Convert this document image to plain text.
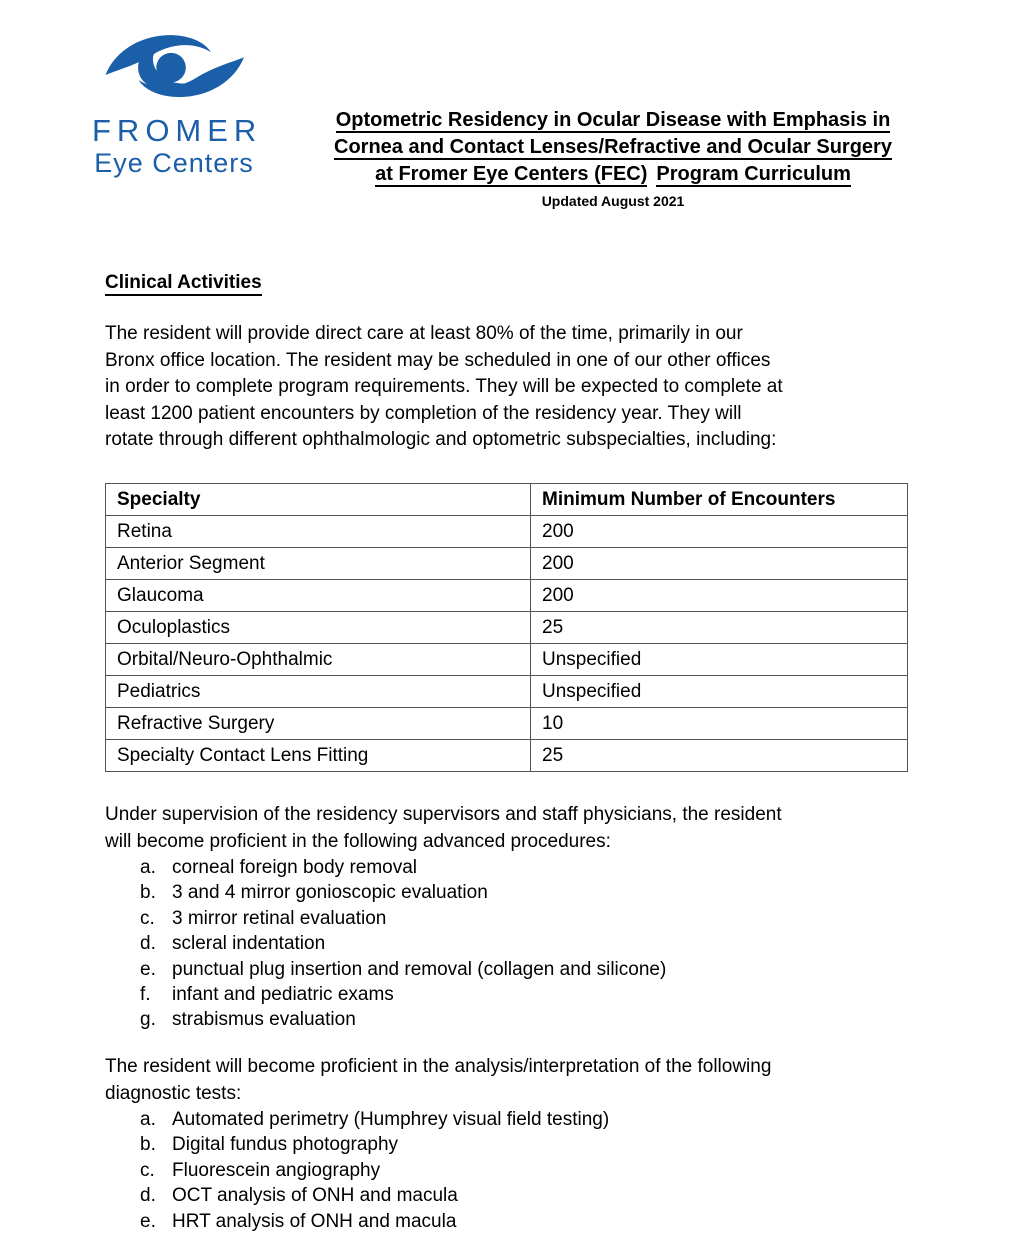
FROMER
Eye Centers
Optometric Residency in Ocular Disease with Emphasis in
Cornea and Contact Lenses/Refractive and Ocular Surgery
at Fromer Eye Centers (FEC) Program Curriculum
Updated August 2021
Clinical Activities
The resident will provide direct care at least 80% of the time, primarily in our
Bronx office location. The resident may be scheduled in one of our other offices
in order to complete program requirements. They will be expected to complete at
least 1200 patient encounters by completion of the residency year. They will
rotate through different ophthalmologic and optometric subspecialties, including:
Specialty	Minimum Number of Encounters
Retina	200
Anterior Segment	200
Glaucoma	200
Oculoplastics	25
Orbital/Neuro-Ophthalmic	Unspecified
Pediatrics	Unspecified
Refractive Surgery	10
Specialty Contact Lens Fitting	25
Under supervision of the residency supervisors and staff physicians, the resident
will become proficient in the following advanced procedures:
a. corneal foreign body removal
b. 3 and 4 mirror gonioscopic evaluation
c. 3 mirror retinal evaluation
d. scleral indentation
e. punctual plug insertion and removal (collagen and silicone)
f.	infant and pediatric exams
g. strabismus evaluation
The resident will become proficient in the analysis/interpretation of the following
diagnostic tests:
a. Automated perimetry (Humphrey visual field testing)
b. Digital fundus photography
c. Fluorescein angiography
d. OCT analysis of ONH and macula
e. HRT analysis of ONH and macula
